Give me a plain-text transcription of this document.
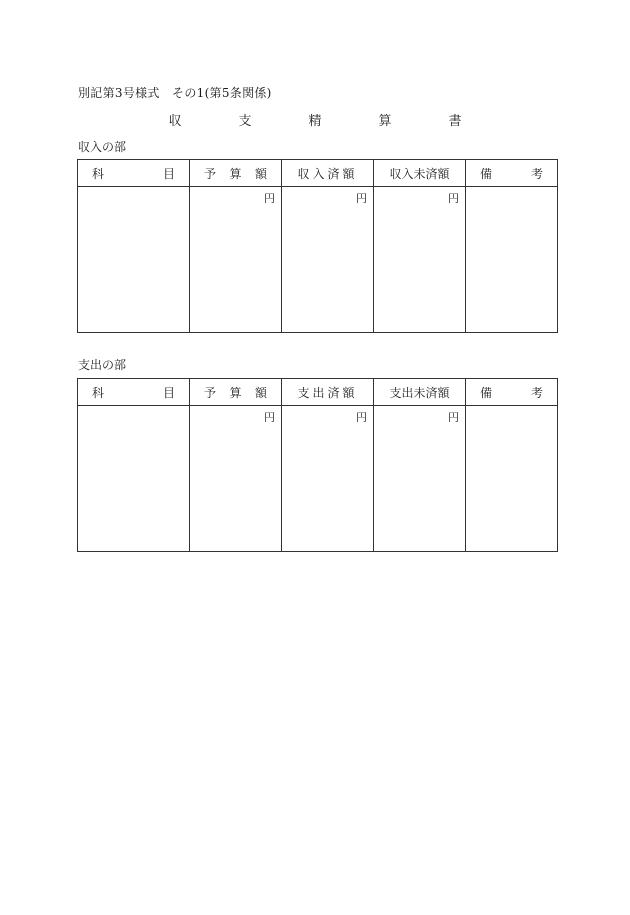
別記第3号様式　その1(第5条関係)
収　支　精　算　書
収入の部
科 目	予 算 額	収入済額	収入未済額	備 考

	円	円	円	

支出の部
科 目	予 算 額	支出済額	支出未済額	備 考

	円	円	円	
